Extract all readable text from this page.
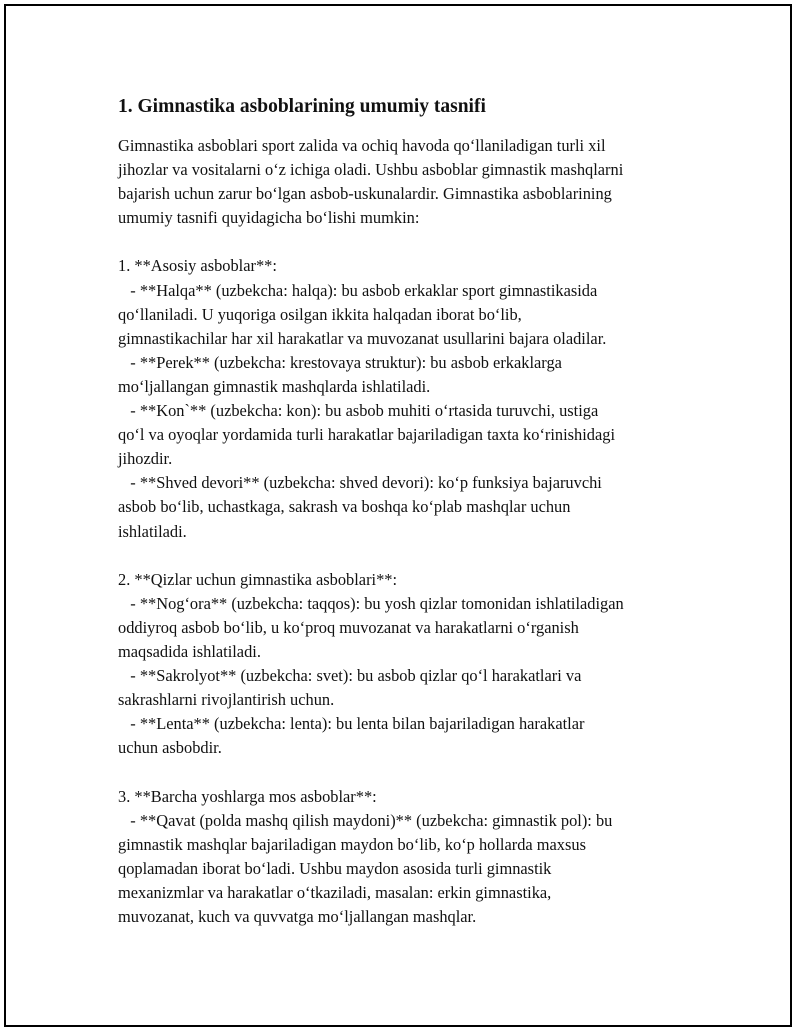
1. Gimnastika asboblarining umumiy tasnifi
Gimnastika asboblari sport zalida va ochiq havoda qo‘llaniladigan turli xil
jihozlar va vositalarni o‘z ichiga oladi. Ushbu asboblar gimnastik mashqlarni
bajarish uchun zarur bo‘lgan asbob-uskunalardir. Gimnastika asboblarining
umumiy tasnifi quyidagicha bo‘lishi mumkin:
1. **Asosiy asboblar**:
- **Halqa** (uzbekcha: halqa): bu asbob erkaklar sport gimnastikasida
qo‘llaniladi. U yuqoriga osilgan ikkita halqadan iborat bo‘lib,
gimnastikachilar har xil harakatlar va muvozanat usullarini bajara oladilar.
- **Perek** (uzbekcha: krestovaya struktur): bu asbob erkaklarga
mo‘ljallangan gimnastik mashqlarda ishlatiladi.
- **Kon`** (uzbekcha: kon): bu asbob muhiti o‘rtasida turuvchi, ustiga
qo‘l va oyoqlar yordamida turli harakatlar bajariladigan taxta ko‘rinishidagi
jihozdir.
- **Shved devori** (uzbekcha: shved devori): ko‘p funksiya bajaruvchi
asbob bo‘lib, uchastkaga, sakrash va boshqa ko‘plab mashqlar uchun
ishlatiladi.
2. **Qizlar uchun gimnastika asboblari**:
- **Nog‘ora** (uzbekcha: taqqos): bu yosh qizlar tomonidan ishlatiladigan
oddiyroq asbob bo‘lib, u ko‘proq muvozanat va harakatlarni o‘rganish
maqsadida ishlatiladi.
- **Sakrolyot** (uzbekcha: svet): bu asbob qizlar qo‘l harakatlari va
sakrashlarni rivojlantirish uchun.
- **Lenta** (uzbekcha: lenta): bu lenta bilan bajariladigan harakatlar
uchun asbobdir.
3. **Barcha yoshlarga mos asboblar**:
- **Qavat (polda mashq qilish maydoni)** (uzbekcha: gimnastik pol): bu
gimnastik mashqlar bajariladigan maydon bo‘lib, ko‘p hollarda maxsus
qoplamadan iborat bo‘ladi. Ushbu maydon asosida turli gimnastik
mexanizmlar va harakatlar o‘tkaziladi, masalan: erkin gimnastika,
muvozanat, kuch va quvvatga mo‘ljallangan mashqlar.
